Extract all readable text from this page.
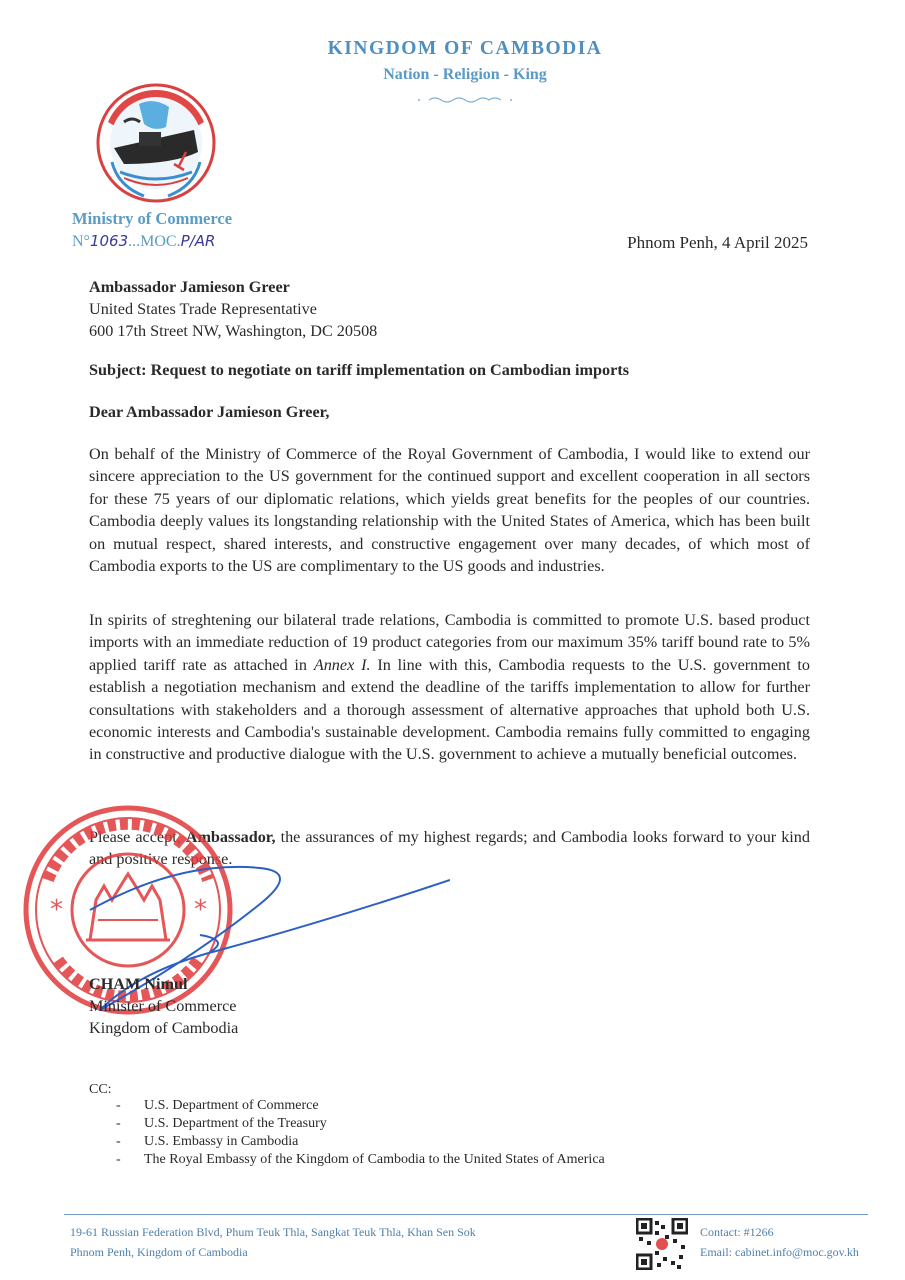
KINGDOM OF CAMBODIA
Nation - Religion - King
Ministry of Commerce
N°1063...MOC.P/AR	Phnom Penh, 4 April 2025
Ambassador Jamieson Greer
United States Trade Representative
600 17th Street NW, Washington, DC 20508
Subject: Request to negotiate on tariff implementation on Cambodian imports
Dear Ambassador Jamieson Greer,
On behalf of the Ministry of Commerce of the Royal Government of Cambodia, I would like to extend our sincere appreciation to the US government for the continued support and excellent cooperation in all sectors for these 75 years of our diplomatic relations, which yields great benefits for the peoples of our countries. Cambodia deeply values its longstanding relationship with the United States of America, which has been built on mutual respect, shared interests, and constructive engagement over many decades, of which most of Cambodia exports to the US are complimentary to the US goods and industries.
In spirits of streghtening our bilateral trade relations, Cambodia is committed to promote U.S. based product imports with an immediate reduction of 19 product categories from our maximum 35% tariff bound rate to 5% applied tariff rate as attached in Annex I. In line with this, Cambodia requests to the U.S. government to establish a negotiation mechanism and extend the deadline of the tariffs implementation to allow for further consultations with stakeholders and a thorough assessment of alternative approaches that uphold both U.S. economic interests and Cambodia's sustainable development. Cambodia remains fully committed to engaging in constructive and productive dialogue with the U.S. government to achieve a mutually beneficial outcomes.
Please accept, Ambassador, the assurances of my highest regards; and Cambodia looks forward to your kind and positive response.
*	*
CHAM Nimul
Minister of Commerce
Kingdom of Cambodia
CC:
-	U.S. Department of Commerce
-	U.S. Department of the Treasury
-	U.S. Embassy in Cambodia
-	The Royal Embassy of the Kingdom of Cambodia to the United States of America
19-61 Russian Federation Blvd, Phum Teuk Thla, Sangkat Teuk Thla, Khan Sen Sok
Phnom Penh, Kingdom of Cambodia
Contact: #1266
Email: cabinet.info@moc.gov.kh
